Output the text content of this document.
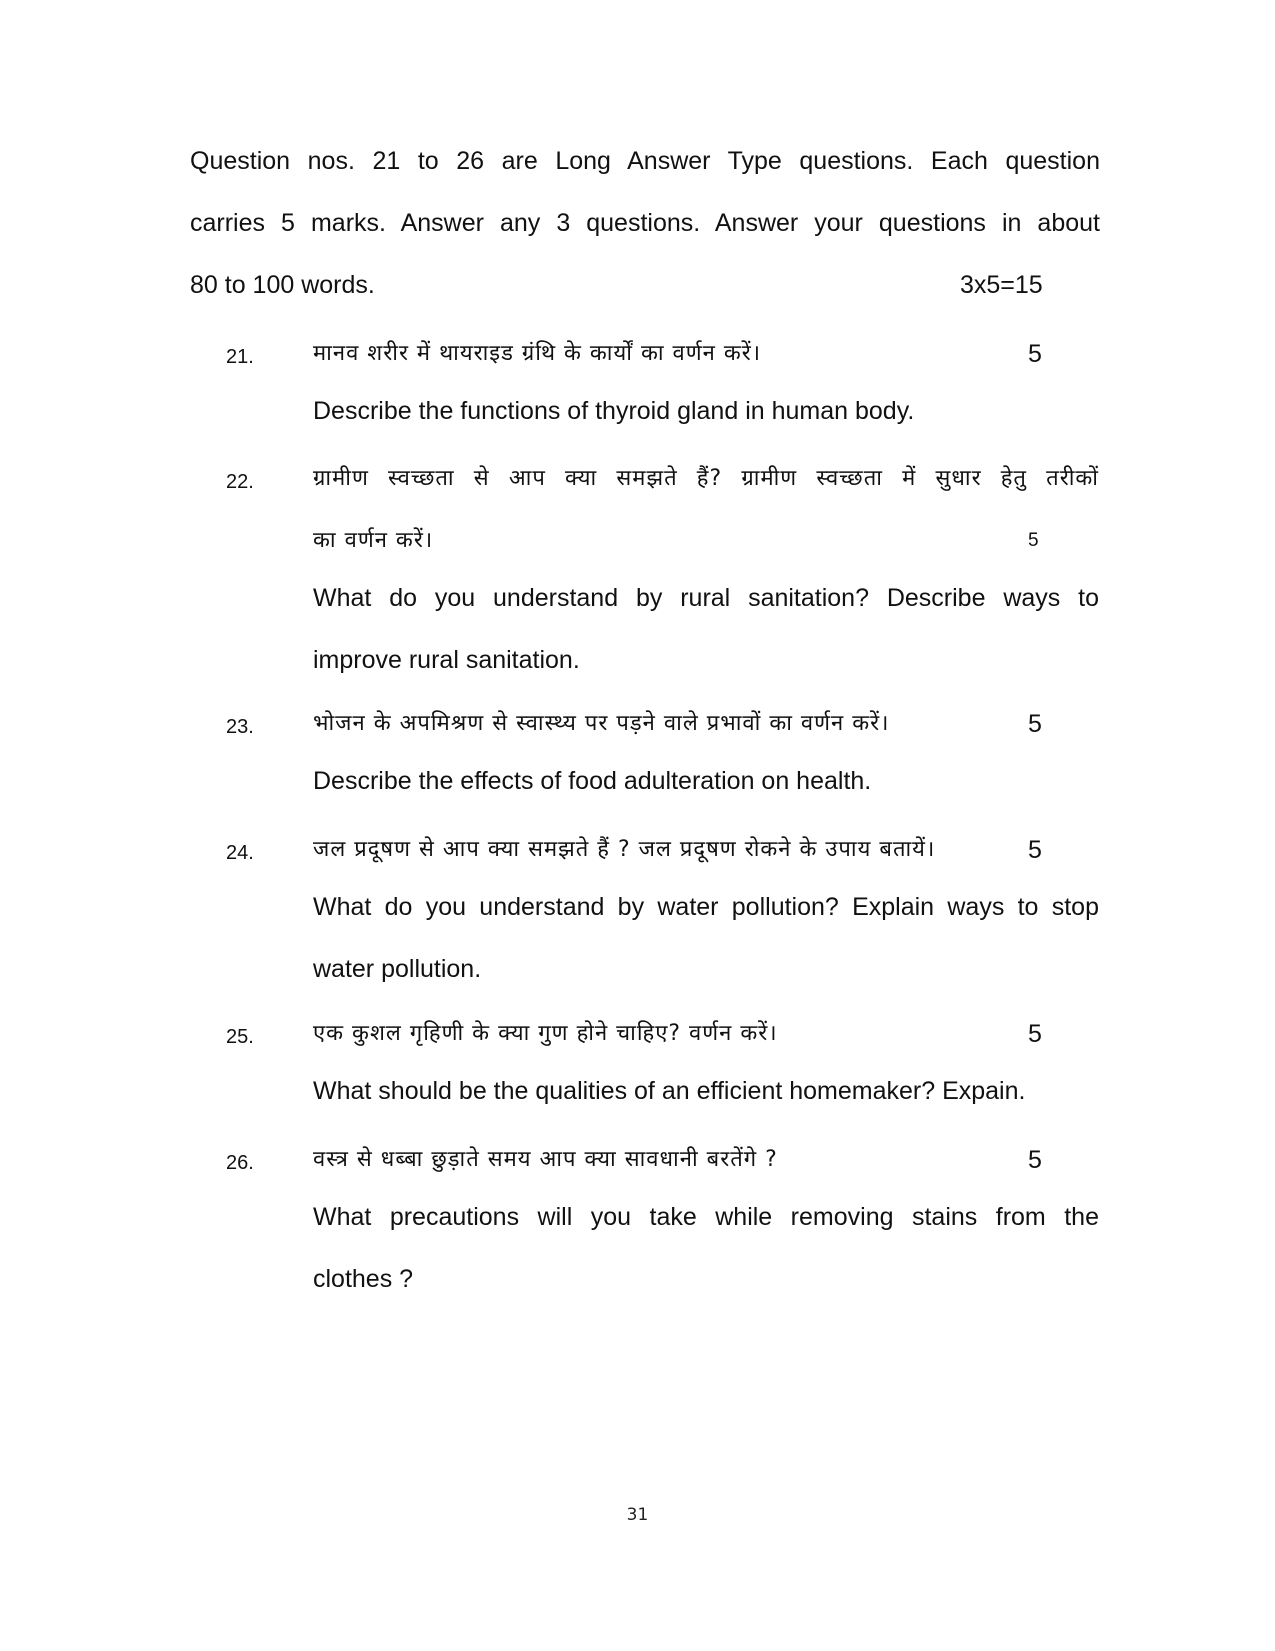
Question nos. 21 to 26 are Long Answer Type questions. Each question
carries 5 marks. Answer any 3 questions. Answer your questions in about
80 to 100 words.	3x5=15
21.	मानव शरीर में थायराइड ग्रंथि के कार्यों का वर्णन करें।	5
Describe the functions of thyroid gland in human body.
22.	ग्रामीण स्वच्छता से आप क्या समझते हैं? ग्रामीण स्वच्छता में सुधार हेतु तरीकों
का वर्णन करें।	5
What do you understand by rural sanitation? Describe ways to
improve rural sanitation.
23.	भोजन के अपमिश्रण से स्वास्थ्य पर पड़ने वाले प्रभावों का वर्णन करें।	5
Describe the effects of food adulteration on health.
24.	जल प्रदूषण से आप क्या समझते हैं ? जल प्रदूषण रोकने के उपाय बतायें।	5
What do you understand by water pollution? Explain ways to stop
water pollution.
25.	एक कुशल गृहिणी के क्या गुण होने चाहिए? वर्णन करें।	5
What should be the qualities of an efficient homemaker? Expain.
26.	वस्त्र से धब्बा छुड़ाते समय आप क्या सावधानी बरतेंगे ?	5
What precautions will you take while removing stains from the
clothes ?
31
